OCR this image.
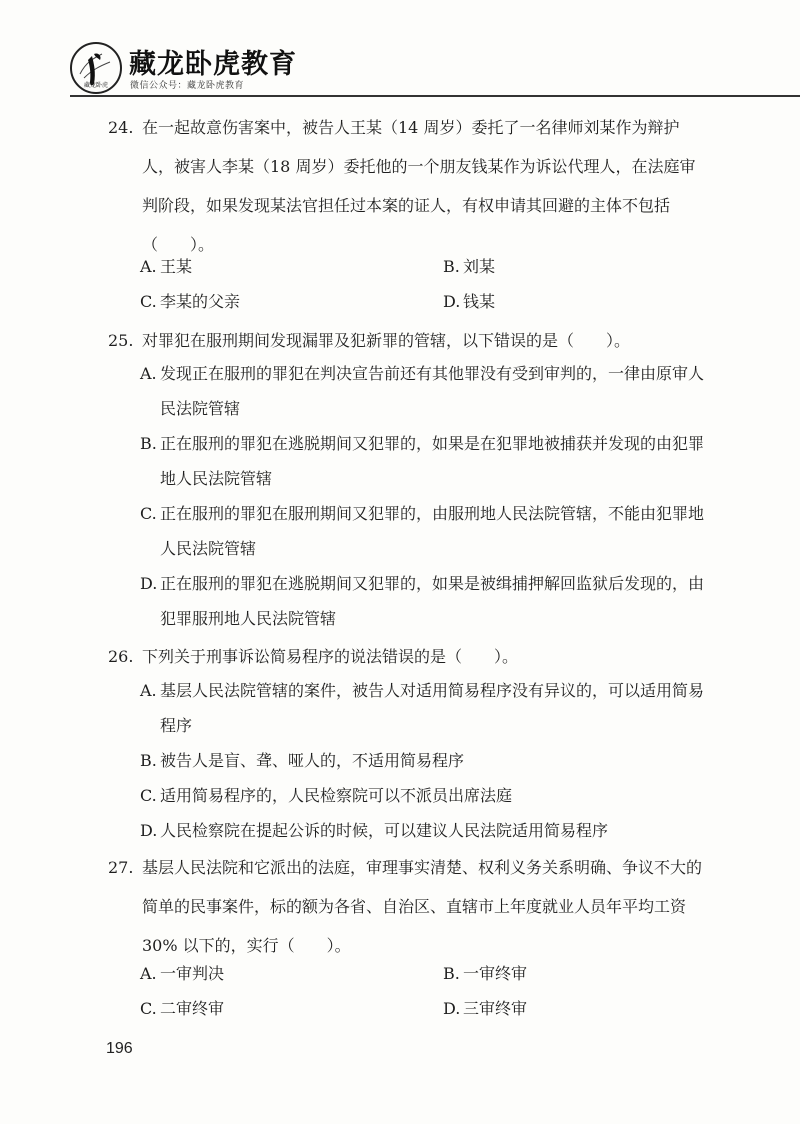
藏龙卧虎
藏龙卧虎教育
微信公众号：藏龙卧虎教育
24. 在一起故意伤害案中，被告人王某（14 周岁）委托了一名律师刘某作为辩护人，被害人李某（18 周岁）委托他的一个朋友钱某作为诉讼代理人，在法庭审判阶段，如果发现某法官担任过本案的证人，有权申请其回避的主体不包括（　　）。
A. 王某	B. 刘某
C. 李某的父亲	D. 钱某
25. 对罪犯在服刑期间发现漏罪及犯新罪的管辖，以下错误的是（　　）。
A. 发现正在服刑的罪犯在判决宣告前还有其他罪没有受到审判的，一律由原审人民法院管辖
B. 正在服刑的罪犯在逃脱期间又犯罪的，如果是在犯罪地被捕获并发现的由犯罪地人民法院管辖
C. 正在服刑的罪犯在服刑期间又犯罪的，由服刑地人民法院管辖，不能由犯罪地人民法院管辖
D. 正在服刑的罪犯在逃脱期间又犯罪的，如果是被缉捕押解回监狱后发现的，由犯罪服刑地人民法院管辖
26. 下列关于刑事诉讼简易程序的说法错误的是（　　）。
A. 基层人民法院管辖的案件，被告人对适用简易程序没有异议的，可以适用简易程序
B. 被告人是盲、聋、哑人的，不适用简易程序
C. 适用简易程序的，人民检察院可以不派员出席法庭
D. 人民检察院在提起公诉的时候，可以建议人民法院适用简易程序
27. 基层人民法院和它派出的法庭，审理事实清楚、权利义务关系明确、争议不大的简单的民事案件，标的额为各省、自治区、直辖市上年度就业人员年平均工资 30% 以下的，实行（　　）。
A. 一审判决	B. 一审终审
C. 二审终审	D. 三审终审
196
